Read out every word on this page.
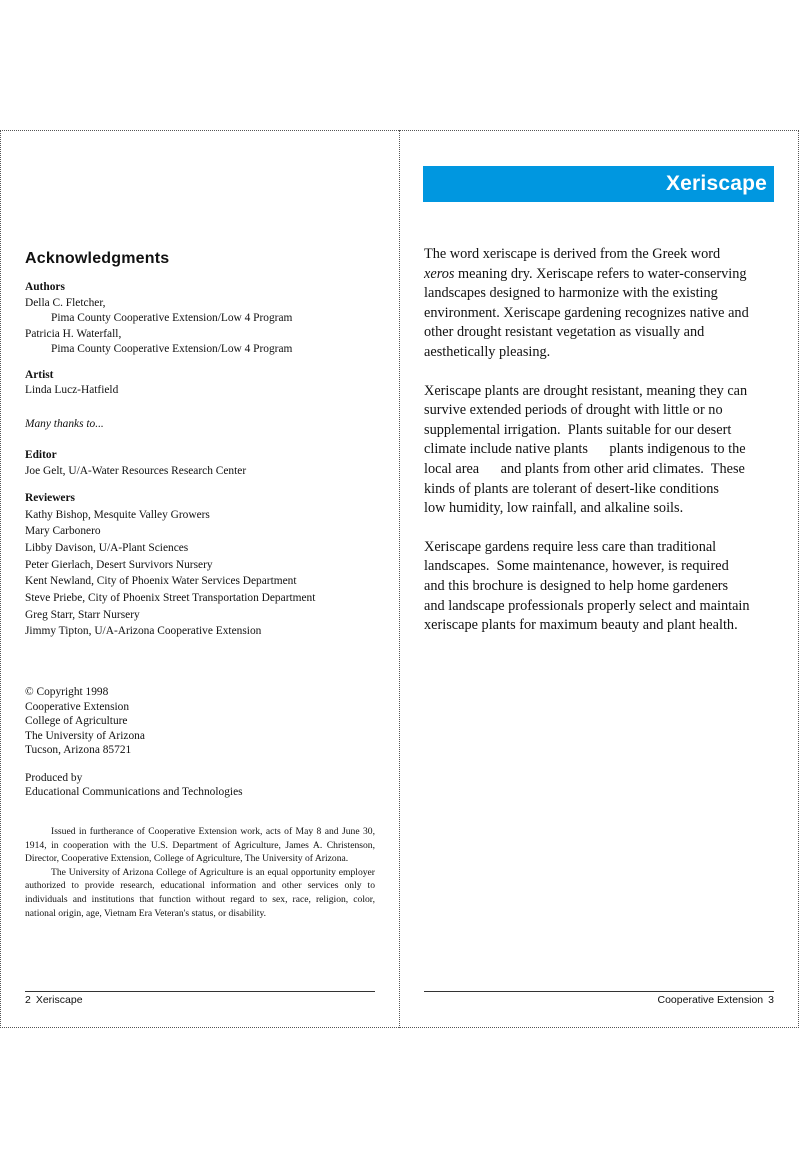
Acknowledgments

Authors

Della C. Fletcher,

Pima County Cooperative Extension/Low 4 Program

Patricia H. Waterfall,

Pima County Cooperative Extension/Low 4 Program

Artist

Linda Lucz-Hatfield

Many thanks to...

Editor

Joe Gelt, U/A-Water Resources Research Center

Reviewers

Kathy Bishop, Mesquite Valley Growers

Mary Carbonero

Libby Davison, U/A-Plant Sciences

Peter Gierlach, Desert Survivors Nursery

Kent Newland, City of Phoenix Water Services Department

Steve Priebe, City of Phoenix Street Transportation Department

Greg Starr, Starr Nursery

Jimmy Tipton, U/A-Arizona Cooperative Extension

© Copyright 1998

Cooperative Extension

College of Agriculture

The University of Arizona

Tucson, Arizona 85721

Produced by

Educational Communications and Technologies

Issued in furtherance of Cooperative Extension work, acts of May 8 and June 30, 1914, in cooperation with the U.S. Department of Agriculture, James A. Christenson, Director, Cooperative Extension, College of Agriculture, The University of Arizona.

The University of Arizona College of Agriculture is an equal opportunity employer authorized to provide research, educational information and other services only to individuals and institutions that function without regard to sex, race, religion, color, national origin, age, Vietnam Era Veteran's status, or disability.

2 Xeriscape
Xeriscape

The word xeriscape is derived from the Greek word
xeros meaning dry. Xeriscape refers to water-conserving
landscapes designed to harmonize with the existing
environment. Xeriscape gardening recognizes native and
other drought resistant vegetation as visually and
aesthetically pleasing.

Xeriscape plants are drought resistant, meaning they can
survive extended periods of drought with little or no
supplemental irrigation.  Plants suitable for our desert
climate include native plants      plants indigenous to the
local area      and plants from other arid climates.  These
kinds of plants are tolerant of desert-like conditions
low humidity, low rainfall, and alkaline soils.

Xeriscape gardens require less care than traditional
landscapes.  Some maintenance, however, is required
and this brochure is designed to help home gardeners
and landscape professionals properly select and maintain
xeriscape plants for maximum beauty and plant health.

Cooperative Extension 3
